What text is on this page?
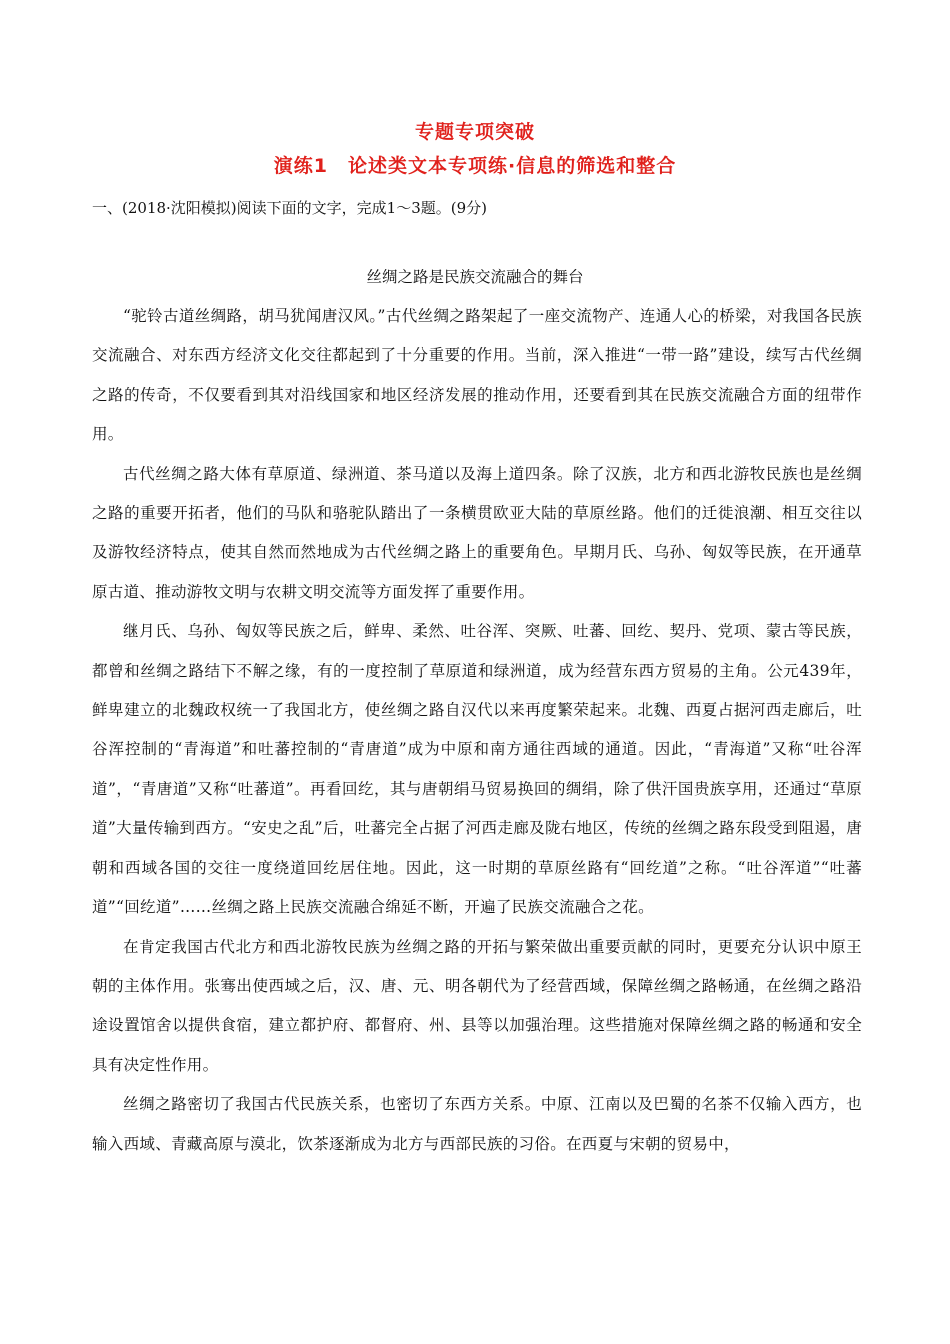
专题专项突破

演练1　论述类文本专项练·信息的筛选和整合

一、(2018·沈阳模拟)阅读下面的文字，完成1～3题。(9分)
丝绸之路是民族交流融合的舞台

“驼铃古道丝绸路，胡马犹闻唐汉风。”古代丝绸之路架起了一座交流物产、连通人心的桥梁，对我国各民族交流融合、对东西方经济文化交往都起到了十分重要的作用。当前，深入推进“一带一路”建设，续写古代丝绸之路的传奇，不仅要看到其对沿线国家和地区经济发展的推动作用，还要看到其在民族交流融合方面的纽带作用。

古代丝绸之路大体有草原道、绿洲道、茶马道以及海上道四条。除了汉族，北方和西北游牧民族也是丝绸之路的重要开拓者，他们的马队和骆驼队踏出了一条横贯欧亚大陆的草原丝路。他们的迁徙浪潮、相互交往以及游牧经济特点，使其自然而然地成为古代丝绸之路上的重要角色。早期月氏、乌孙、匈奴等民族，在开通草原古道、推动游牧文明与农耕文明交流等方面发挥了重要作用。

继月氏、乌孙、匈奴等民族之后，鲜卑、柔然、吐谷浑、突厥、吐蕃、回纥、契丹、党项、蒙古等民族，都曾和丝绸之路结下不解之缘，有的一度控制了草原道和绿洲道，成为经营东西方贸易的主角。公元439年，鲜卑建立的北魏政权统一了我国北方，使丝绸之路自汉代以来再度繁荣起来。北魏、西夏占据河西走廊后，吐谷浑控制的“青海道”和吐蕃控制的“青唐道”成为中原和南方通往西域的通道。因此，“青海道”又称“吐谷浑道”，“青唐道”又称“吐蕃道”。再看回纥，其与唐朝绢马贸易换回的绸绢，除了供汗国贵族享用，还通过“草原道”大量传输到西方。“安史之乱”后，吐蕃完全占据了河西走廊及陇右地区，传统的丝绸之路东段受到阻遏，唐朝和西域各国的交往一度绕道回纥居住地。因此，这一时期的草原丝路有“回纥道”之称。“吐谷浑道”“吐蕃道”“回纥道”……丝绸之路上民族交流融合绵延不断，开遍了民族交流融合之花。

在肯定我国古代北方和西北游牧民族为丝绸之路的开拓与繁荣做出重要贡献的同时，更要充分认识中原王朝的主体作用。张骞出使西域之后，汉、唐、元、明各朝代为了经营西域，保障丝绸之路畅通，在丝绸之路沿途设置馆舍以提供食宿，建立都护府、都督府、州、县等以加强治理。这些措施对保障丝绸之路的畅通和安全具有决定性作用。

丝绸之路密切了我国古代民族关系，也密切了东西方关系。中原、江南以及巴蜀的名茶不仅输入西方，也输入西域、青藏高原与漠北，饮茶逐渐成为北方与西部民族的习俗。在西夏与宋朝的贸易中，
